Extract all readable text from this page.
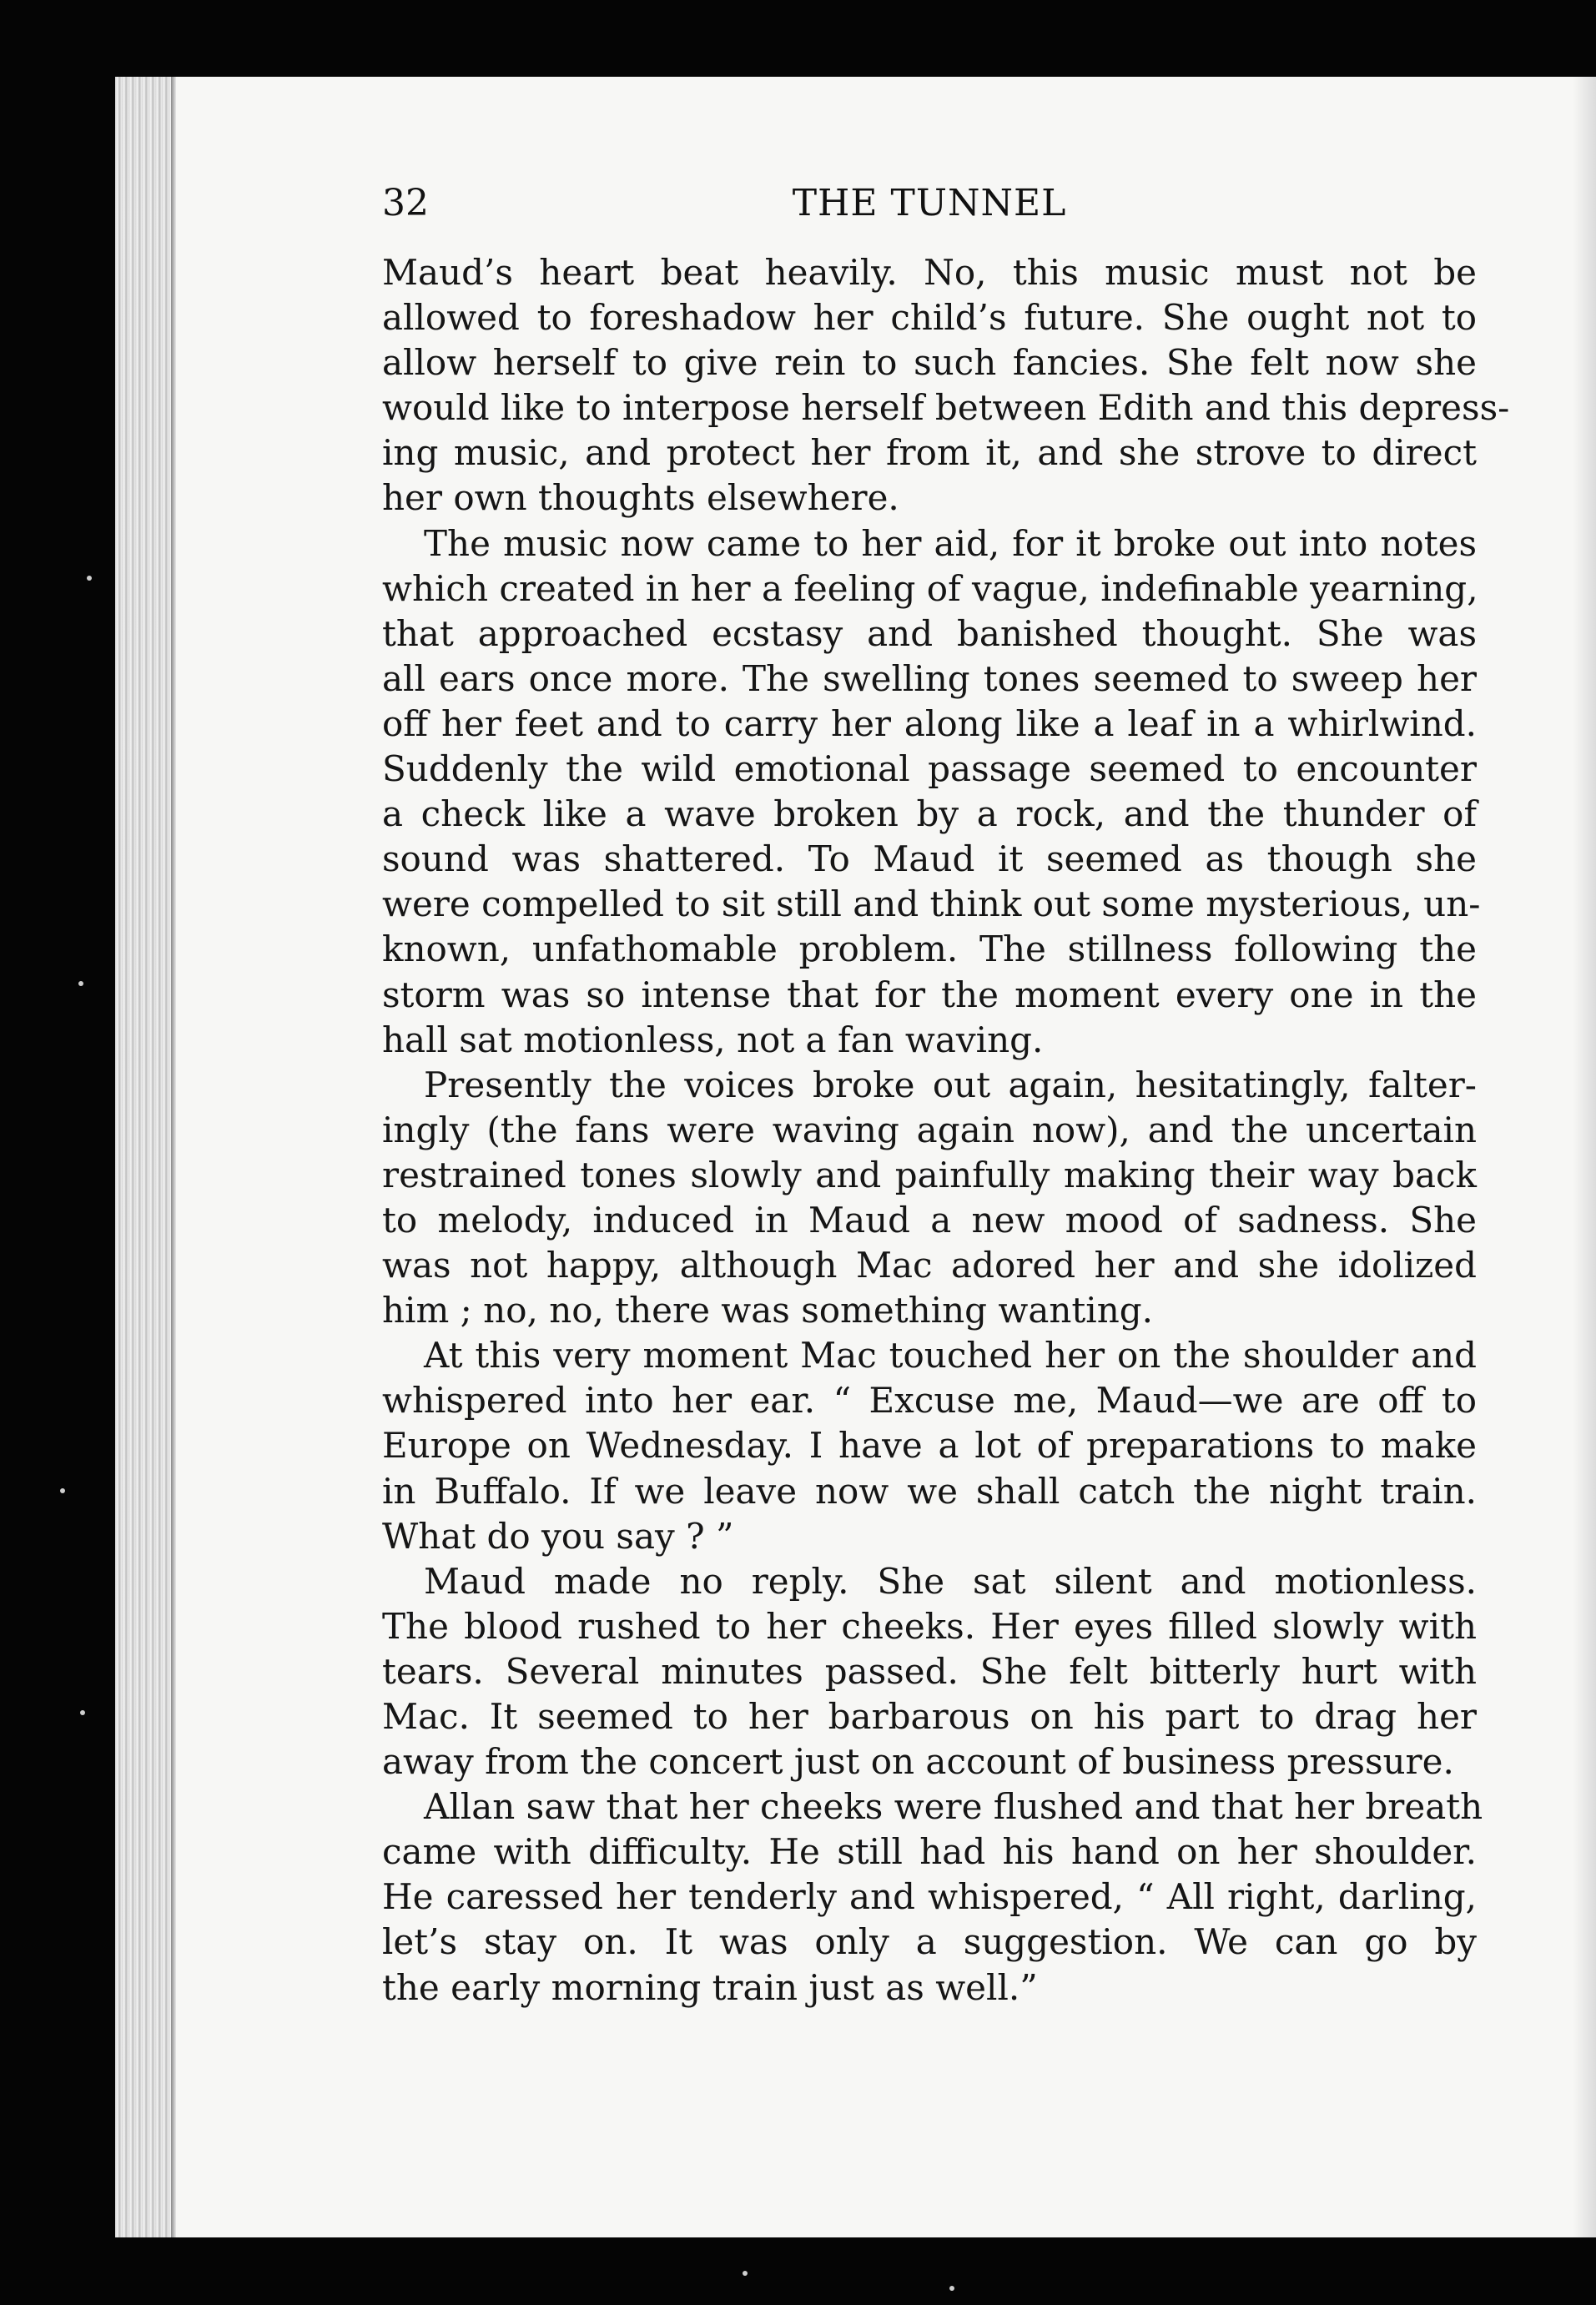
32	THE TUNNEL
Maud’s heart beat heavily. No, this music must not be
allowed to foreshadow her child’s future. She ought not to
allow herself to give rein to such fancies. She felt now she
would like to interpose herself between Edith and this depress-
ing music, and protect her from it, and she strove to direct
her own thoughts elsewhere.
The music now came to her aid, for it broke out into notes
which created in her a feeling of vague, indefinable yearning,
that approached ecstasy and banished thought. She was
all ears once more. The swelling tones seemed to sweep her
off her feet and to carry her along like a leaf in a whirlwind.
Suddenly the wild emotional passage seemed to encounter
a check like a wave broken by a rock, and the thunder of
sound was shattered. To Maud it seemed as though she
were compelled to sit still and think out some mysterious, un-
known, unfathomable problem. The stillness following the
storm was so intense that for the moment every one in the
hall sat motionless, not a fan waving.
Presently the voices broke out again, hesitatingly, falter-
ingly (the fans were waving again now), and the uncertain
restrained tones slowly and painfully making their way back
to melody, induced in Maud a new mood of sadness. She
was not happy, although Mac adored her and she idolized
him ; no, no, there was something wanting.
At this very moment Mac touched her on the shoulder and
whispered into her ear. “ Excuse me, Maud—we are off to
Europe on Wednesday. I have a lot of preparations to make
in Buffalo. If we leave now we shall catch the night train.
What do you say ? ”
Maud made no reply. She sat silent and motionless.
The blood rushed to her cheeks. Her eyes filled slowly with
tears. Several minutes passed. She felt bitterly hurt with
Mac. It seemed to her barbarous on his part to drag her
away from the concert just on account of business pressure.
Allan saw that her cheeks were flushed and that her breath
came with difficulty. He still had his hand on her shoulder.
He caressed her tenderly and whispered, “ All right, darling,
let’s stay on. It was only a suggestion. We can go by
the early morning train just as well.”
